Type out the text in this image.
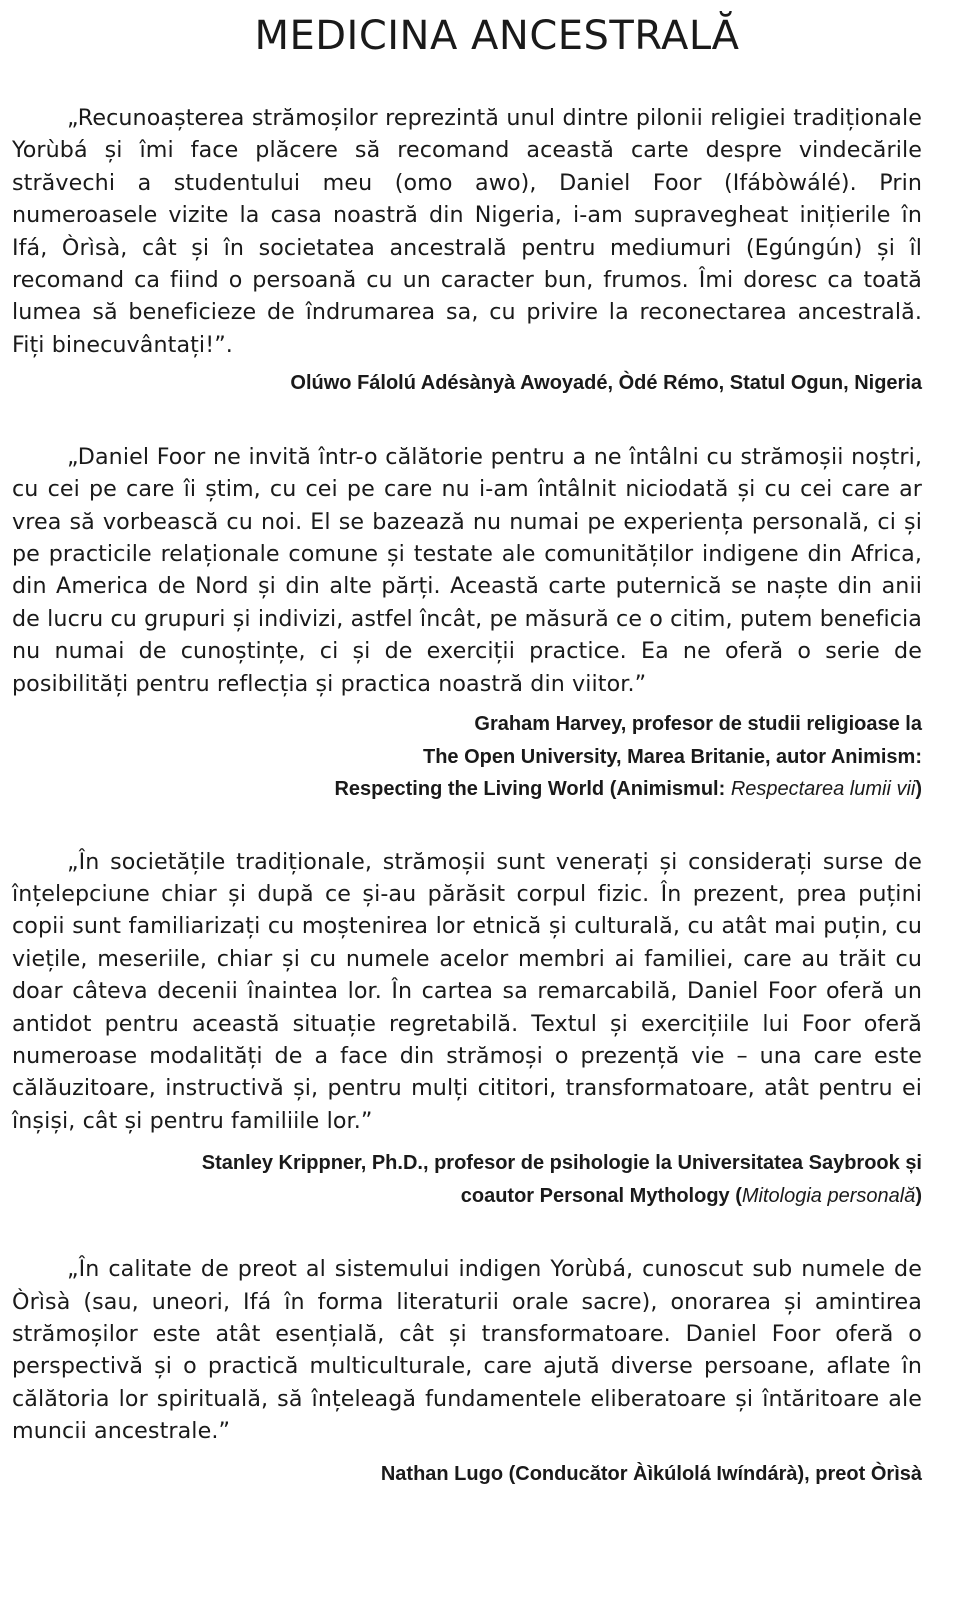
MEDICINA ANCESTRALĂ

„Recunoașterea strămoșilor reprezintă unul dintre pilonii religiei tradiționale Yorùbá și îmi face plăcere să recomand această carte despre vindecările străvechi a studentului meu (omo awo), Daniel Foor (Ifábòwálé). Prin numeroasele vizite la casa noastră din Nigeria, i-am supravegheat inițierile în Ifá, Òrìsà, cât și în societatea ancestrală pentru mediumuri (Egúngún) și îl recomand ca fiind o persoană cu un caracter bun, frumos. Îmi doresc ca toată lumea să beneficieze de îndrumarea sa, cu privire la reconectarea ancestrală. Fiți binecuvântați!”.

Olúwo Fálolú Adésànyà Awoyadé, Òdé Rémo, Statul Ogun, Nigeria

„Daniel Foor ne invită într-o călătorie pentru a ne întâlni cu strămoșii noștri, cu cei pe care îi știm, cu cei pe care nu i-am întâlnit niciodată și cu cei care ar vrea să vorbească cu noi. El se bazează nu numai pe experiența personală, ci și pe practicile relaționale comune și testate ale comunităților indigene din Africa, din America de Nord și din alte părți. Această carte puternică se naște din anii de lucru cu grupuri și indivizi, astfel încât, pe măsură ce o citim, putem beneficia nu numai de cunoștințe, ci și de exerciții practice. Ea ne oferă o serie de posibilități pentru reflecția și practica noastră din viitor.”

Graham Harvey, profesor de studii religioase la
The Open University, Marea Britanie, autor Animism:
Respecting the Living World (Animismul: Respectarea lumii vii)

„În societățile tradiționale, strămoșii sunt venerați și considerați surse de înțelepciune chiar și după ce și-au părăsit corpul fizic. În prezent, prea puțini copii sunt familiarizați cu moștenirea lor etnică și culturală, cu atât mai puțin, cu viețile, meseriile, chiar și cu numele acelor membri ai familiei, care au trăit cu doar câteva decenii înaintea lor. În cartea sa remarcabilă, Daniel Foor oferă un antidot pentru această situație regretabilă. Textul și exercițiile lui Foor oferă numeroase modalități de a face din strămoși o prezență vie – una care este călăuzitoare, instructivă și, pentru mulți cititori, transformatoare, atât pentru ei înșiși, cât și pentru familiile lor.”

Stanley Krippner, Ph.D., profesor de psihologie la Universitatea Saybrook și
coautor Personal Mythology (Mitologia personală)

„În calitate de preot al sistemului indigen Yorùbá, cunoscut sub numele de Òrìsà (sau, uneori, Ifá în forma literaturii orale sacre), onorarea și amintirea strămoșilor este atât esențială, cât și transformatoare. Daniel Foor oferă o perspectivă și o practică multiculturale, care ajută diverse persoane, aflate în călătoria lor spirituală, să înțeleagă fundamentele eliberatoare și întăritoare ale muncii ancestrale.”

Nathan Lugo (Conducător Àìkúlolá Iwíndárà), preot Òrìsà
